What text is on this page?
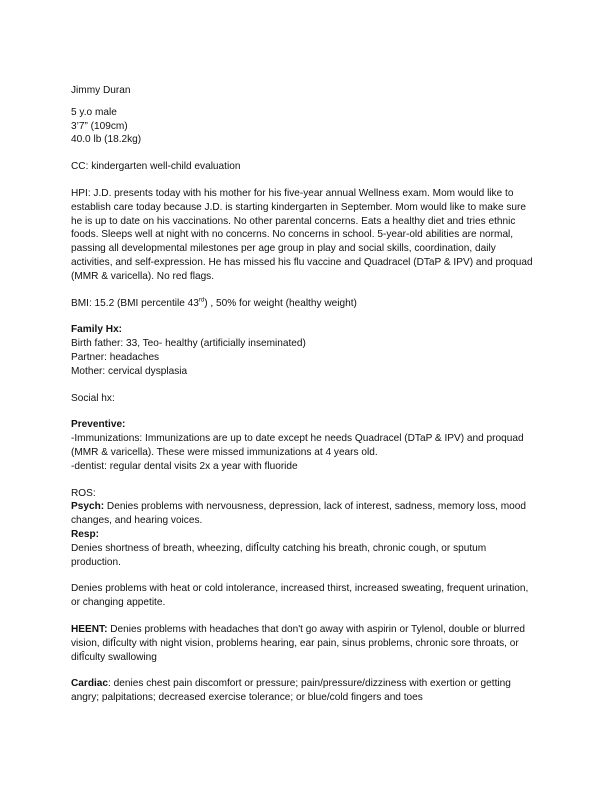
Jimmy Duran
5 y.o male
3’7” (109cm)
40.0 lb (18.2kg)
CC: kindergarten well-child evaluation
HPI: J.D. presents today with his mother for his five-year annual Wellness exam. Mom would like to establish care today because J.D. is starting kindergarten in September. Mom would like to make sure he is up to date on his vaccinations. No other parental concerns. Eats a healthy diet and tries ethnic foods. Sleeps well at night with no concerns. No concerns in school. 5-year-old abilities are normal, passing all developmental milestones per age group in play and social skills, coordination, daily activities, and self-expression. He has missed his flu vaccine and Quadracel (DTaP & IPV) and proquad (MMR & varicella). No red flags.
BMI: 15.2 (BMI percentile 43rd) , 50% for weight (healthy weight)
Family Hx:
Birth father: 33, Teo- healthy (artificially inseminated)
Partner: headaches
Mother: cervical dysplasia
Social hx:
Preventive:
-Immunizations: Immunizations are up to date except he needs Quadracel (DTaP & IPV) and proquad (MMR & varicella). These were missed immunizations at 4 years old.
-dentist: regular dental visits 2x a year with fluoride
ROS:
Psych: Denies problems with nervousness, depression, lack of interest, sadness, memory loss, mood changes, and hearing voices.
Resp:
Denies shortness of breath, wheezing, difÎculty catching his breath, chronic cough, or sputum production.
Denies problems with heat or cold intolerance, increased thirst, increased sweating, frequent urination, or changing appetite.
HEENT: Denies problems with headaches that don't go away with aspirin or Tylenol, double or blurred vision, difÎculty with night vision, problems hearing, ear pain, sinus problems, chronic sore throats, or difÎculty swallowing
Cardiac: denies chest pain discomfort or pressure; pain/pressure/dizziness with exertion or getting angry; palpitations; decreased exercise tolerance; or blue/cold fingers and toes
